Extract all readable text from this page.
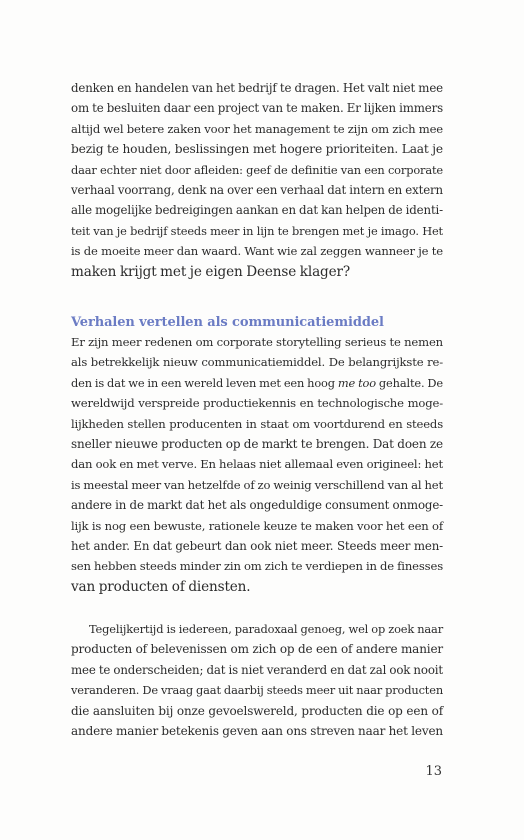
denken en handelen van het bedrijf te dragen. Het valt niet mee
om te besluiten daar een project van te maken. Er lijken immers
altijd wel betere zaken voor het management te zijn om zich mee
bezig te houden, beslissingen met hogere prioriteiten. Laat je
daar echter niet door afleiden: geef de definitie van een corporate
verhaal voorrang, denk na over een verhaal dat intern en extern
alle mogelijke bedreigingen aankan en dat kan helpen de identi-
teit van je bedrijf steeds meer in lijn te brengen met je imago. Het
is de moeite meer dan waard. Want wie zal zeggen wanneer je te
maken krijgt met je eigen Deense klager?
Verhalen vertellen als communicatiemiddel
Er zijn meer redenen om corporate storytelling serieus te nemen
als betrekkelijk nieuw communicatiemiddel. De belangrijkste re-
den is dat we in een wereld leven met een hoog me too gehalte. De
wereldwijd verspreide productiekennis en technologische moge-
lijkheden stellen producenten in staat om voortdurend en steeds
sneller nieuwe producten op de markt te brengen. Dat doen ze
dan ook en met verve. En helaas niet allemaal even origineel: het
is meestal meer van hetzelfde of zo weinig verschillend van al het
andere in de markt dat het als ongeduldige consument onmoge-
lijk is nog een bewuste, rationele keuze te maken voor het een of
het ander. En dat gebeurt dan ook niet meer. Steeds meer men-
sen hebben steeds minder zin om zich te verdiepen in de finesses
van producten of diensten.
Tegelijkertijd is iedereen, paradoxaal genoeg, wel op zoek naar
producten of belevenissen om zich op de een of andere manier
mee te onderscheiden; dat is niet veranderd en dat zal ook nooit
veranderen. De vraag gaat daarbij steeds meer uit naar producten
die aansluiten bij onze gevoelswereld, producten die op een of
andere manier betekenis geven aan ons streven naar het leven
13
